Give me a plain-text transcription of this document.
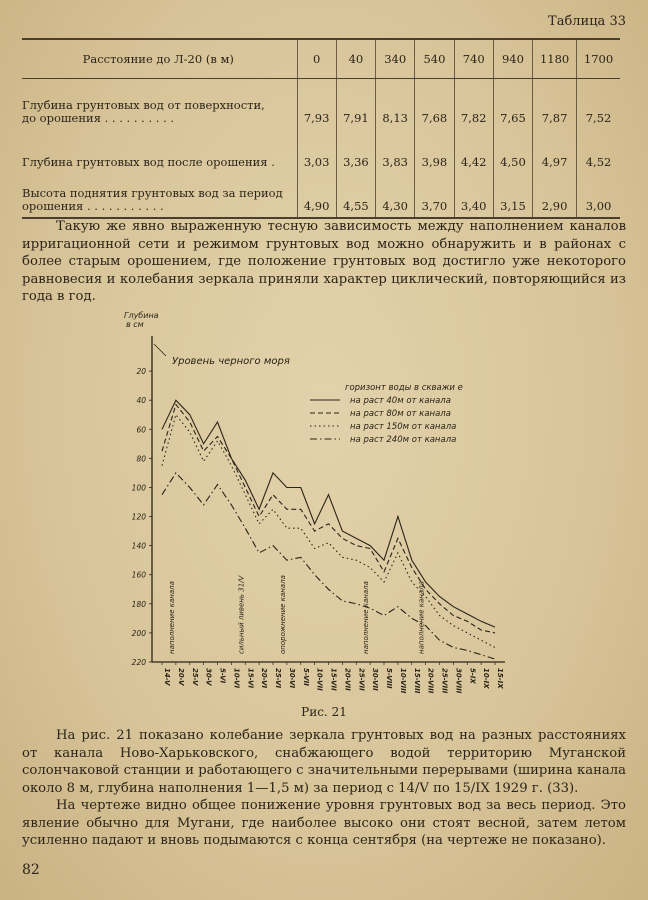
Таблица 33
Расстояние до Л-20 (в м)	0	40	340	540	740	940	1180	1700
Глубина грунтовых вод от поверхности,
до орошения . . . . . . . . . .	7,93	7,91	8,13	7,68	7,82	7,65	7,87	7,52
Глубина грунтовых вод после орошения .	3,03	3,36	3,83	3,98	4,42	4,50	4,97	4,52
Высота поднятия грунтовых вод за период
орошения . . . . . . . . . . .	4,90	4,55	4,30	3,70	3,40	3,15	2,90	3,00

Такую же явно выраженную тесную зависимость между наполнением каналов ирригационной сети и режимом грунтовых вод можно обнаружить и в районах с более старым орошением, где положение грунтовых вод достигло уже некоторого равновесия и колебания зеркала приняли характер циклический, повторяющийся из года в год.

Глубина
в см
Уровень черного моря
20
40
60
80
100
120
140
160
180
200
220
14-V 20-V 25-V 30-V 5-VI 10-VI 15-VI 20-VI 25-VI 30-VI 5-VII 10-VII 15-VII 20-VII 25-VII 30-VII 5-VIII 10-VIII 15-VIII 20-VIII 25-VIII 30-VIII 5-IX 10-IX 15-IX
наполнение канала	сильный ливень 31/V	опорожнение канала	наполнение канала	наполнение канала
горизонт воды в скважи е
на раст 40м от канала
на раст 80м от канала
на раст 150м от канала
на раст 240м от канала
Рис. 21

На рис. 21 показано колебание зеркала грунтовых вод на разных расстояниях от канала Ново-Харьковского, снабжающего водой территорию Муганской солончаковой станции и работающего с значительными перерывами (ширина канала около 8 м, глубина наполнения 1—1,5 м) за период с 14/V по 15/IX 1929 г. (33).

На чертеже видно общее понижение уровня грунтовых вод за весь период. Это явление обычно для Мугани, где наиболее высоко они стоят весной, затем летом усиленно падают и вновь подымаются с конца сентября (на чертеже не показано).

82
